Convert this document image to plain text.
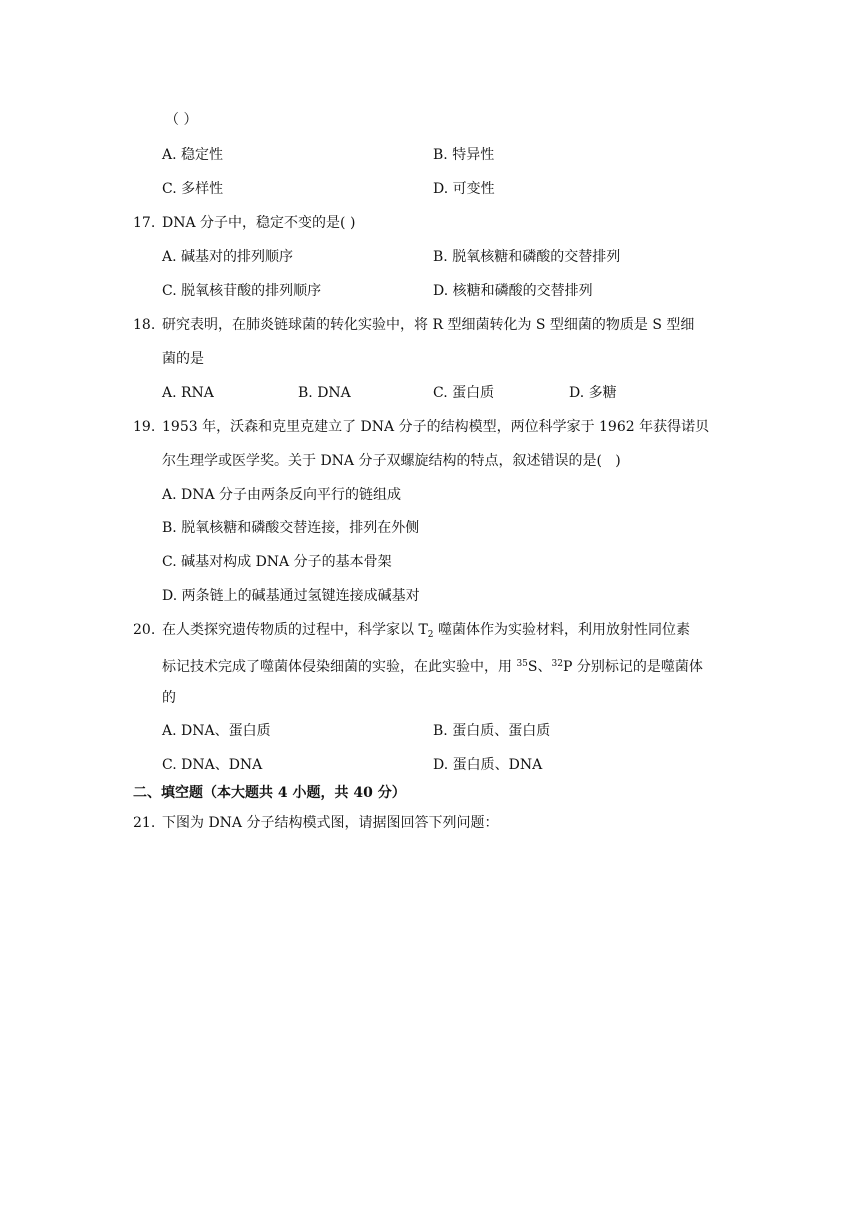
（ ）
A. 稳定性	B. 特异性
C. 多样性	D. 可变性
17. DNA 分子中，稳定不变的是( )
A. 碱基对的排列顺序	B. 脱氧核糖和磷酸的交替排列
C. 脱氧核苷酸的排列顺序	D. 核糖和磷酸的交替排列
18. 研究表明，在肺炎链球菌的转化实验中，将 R 型细菌转化为 S 型细菌的物质是 S 型细
菌的是
A. RNA	B. DNA	C. 蛋白质	D. 多糖
19. 1953 年，沃森和克里克建立了 DNA 分子的结构模型，两位科学家于 1962 年获得诺贝
尔生理学或医学奖。关于 DNA 分子双螺旋结构的特点，叙述错误的是(   )
A. DNA 分子由两条反向平行的链组成
B. 脱氧核糖和磷酸交替连接，排列在外侧
C. 碱基对构成 DNA 分子的基本骨架
D. 两条链上的碱基通过氢键连接成碱基对
20. 在人类探究遗传物质的过程中，科学家以 $T_2$ 噬菌体作为实验材料，利用放射性同位素
标记技术完成了噬菌体侵染细菌的实验，在此实验中，用 $^{35}$S、$^{32}$P 分别标记的是噬菌体
的
A. DNA、蛋白质	B. 蛋白质、蛋白质
C. DNA、DNA	D. 蛋白质、DNA
二、填空题（本大题共 4 小题，共 40 分）
21. 下图为 DNA 分子结构模式图，请据图回答下列问题：
